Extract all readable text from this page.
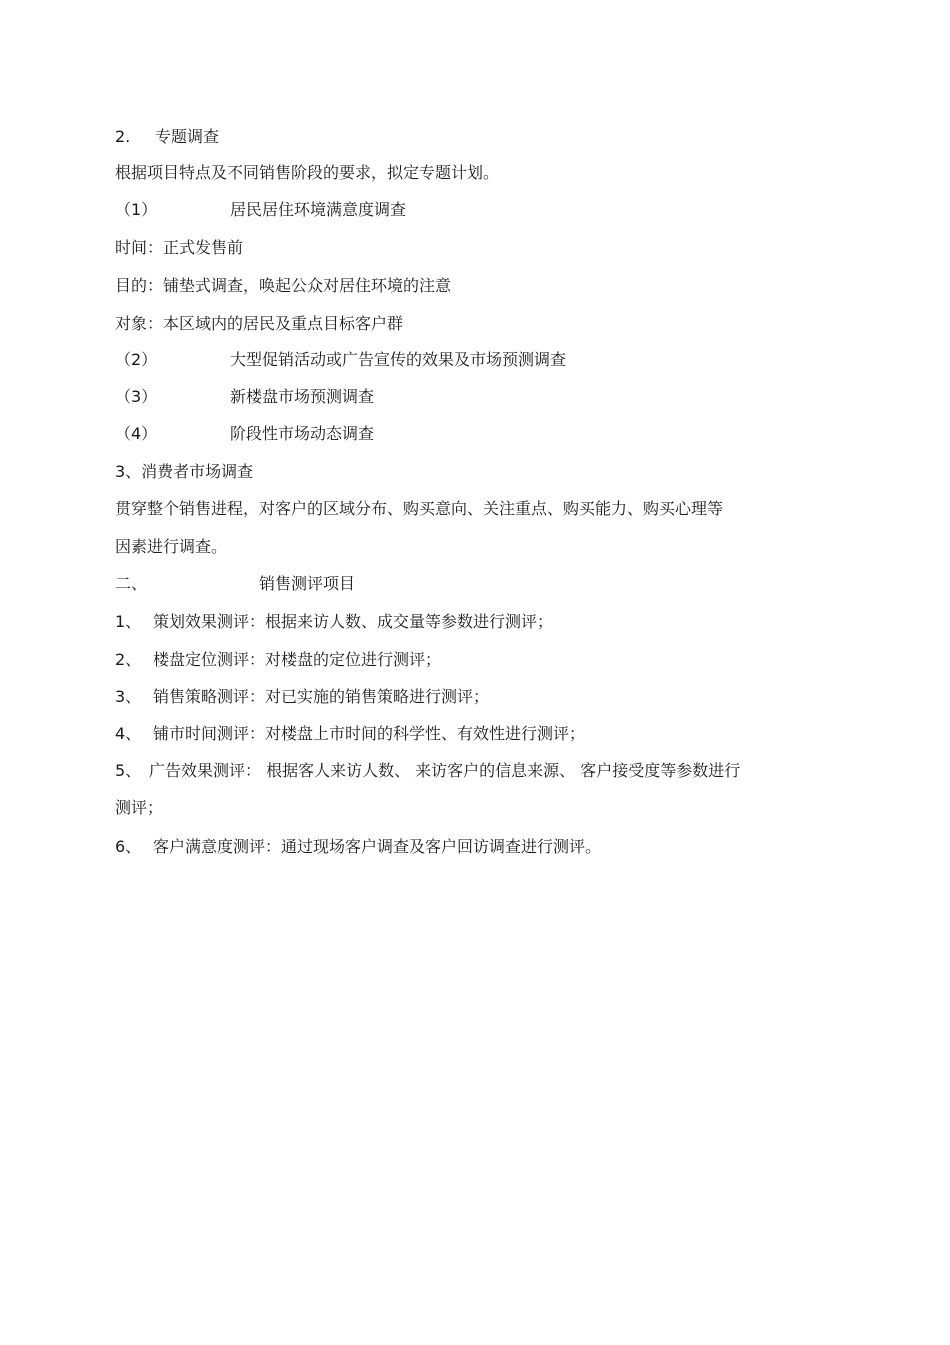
2. 专题调查
根据项目特点及不同销售阶段的要求，拟定专题计划。
（1）	居民居住环境满意度调查
时间：正式发售前
目的：铺垫式调查，唤起公众对居住环境的注意
对象：本区域内的居民及重点目标客户群
（2）	大型促销活动或广告宣传的效果及市场预测调查
（3）	新楼盘市场预测调查
（4）	阶段性市场动态调查
3、消费者市场调查
贯穿整个销售进程，对客户的区域分布、购买意向、关注重点、购买能力、购买心理等
因素进行调查。
二、	销售测评项目
1、 策划效果测评：根据来访人数、成交量等参数进行测评；
2、 楼盘定位测评：对楼盘的定位进行测评；
3、 销售策略测评：对已实施的销售策略进行测评；
4、 铺市时间测评：对楼盘上市时间的科学性、有效性进行测评；
5、 广告效果测评： 根据客人来访人数、 来访客户的信息来源、 客户接受度等参数进行
测评；
6、 客户满意度测评：通过现场客户调查及客户回访调查进行测评。
